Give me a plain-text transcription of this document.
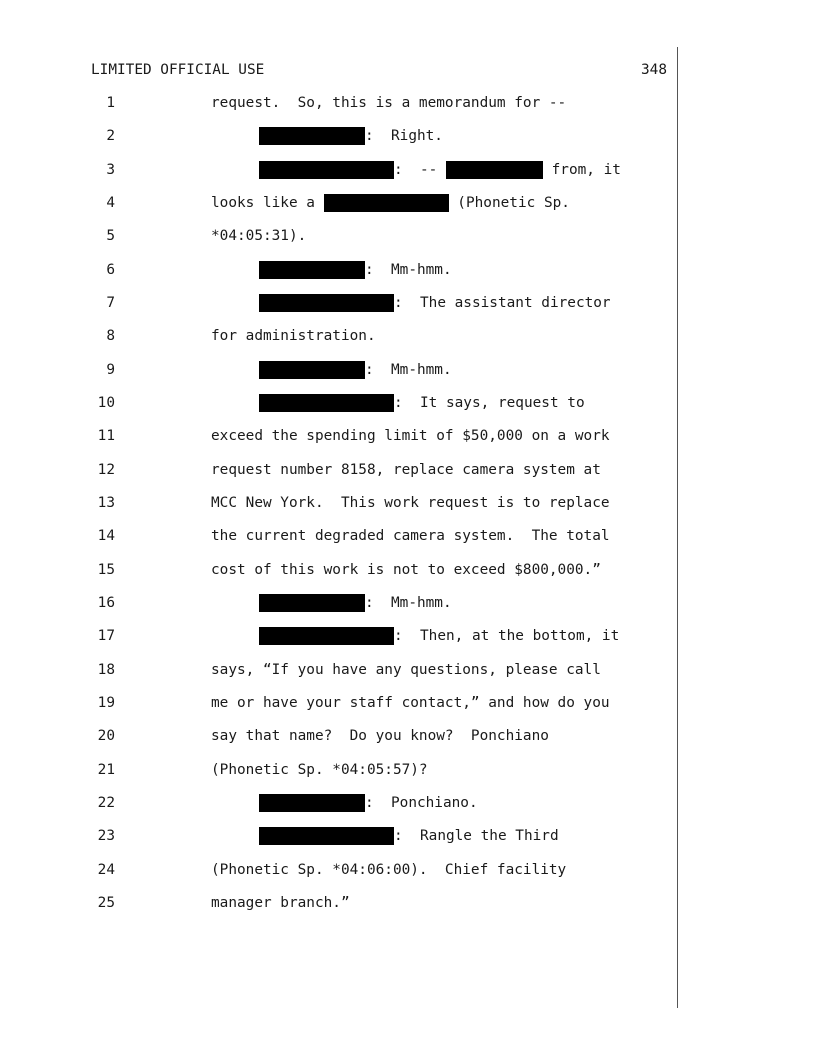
LIMITED OFFICIAL USE	348
1	request.  So, this is a memorandum for --
2	:  Right.
3	:  --	from, it
4	looks like a	(Phonetic Sp.
5	*04:05:31).
6	:  Mm-hmm.
7	:  The assistant director
8	for administration.
9	:  Mm-hmm.
10	:  It says, request to
11	exceed the spending limit of $50,000 on a work
12	request number 8158, replace camera system at
13	MCC New York.  This work request is to replace
14	the current degraded camera system.  The total
15	cost of this work is not to exceed $800,000.”
16	:  Mm-hmm.
17	:  Then, at the bottom, it
18	says, “If you have any questions, please call
19	me or have your staff contact,” and how do you
20	say that name?  Do you know?  Ponchiano
21	(Phonetic Sp. *04:05:57)?
22	:  Ponchiano.
23	:  Rangle the Third
24	(Phonetic Sp. *04:06:00).  Chief facility
25	manager branch.”
